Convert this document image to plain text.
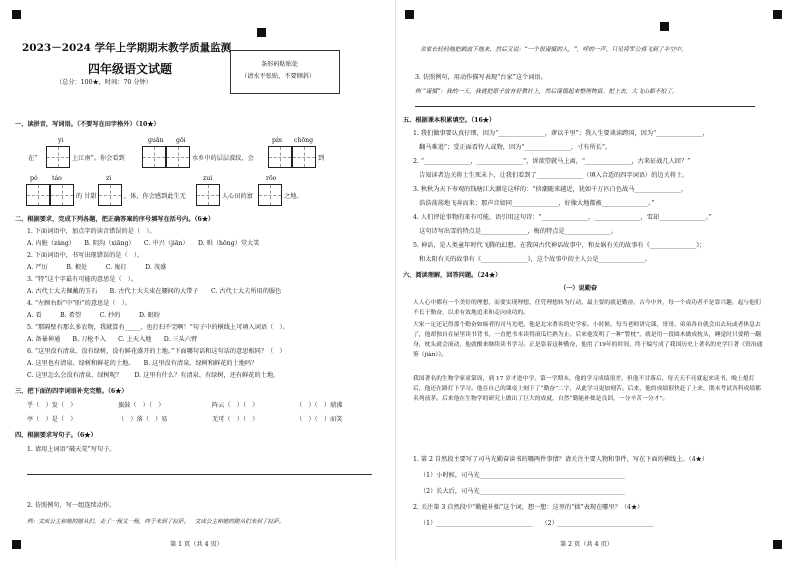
2023－2024 学年上学期期末教学质量监测
四年级语文试题
（总分：100★，时间：70 分钟）
条形码粘贴处
（请水平张贴，不要倾斜）
一、读拼音，写词语。（不要写在田字格外）（10★）
yi	guān gōi	pín chōng
在“	上江南”。你会看到	水乡中的层层波纹，会	到
pó táo	zi	zui	rōo
的 甘甜	，体，你会感到此生无	人心田的富	之地。
二、根据要求，完成下列各题，把正确答案的序号填写在括号内。（6★）
1. 下面词语中，加点字的读音错误的是（　）。
A. 内脏（zàng）　　B. 阴沟（xiāng）　　C. 中兴（jiān）　　D. 哄（hōng）堂大笑
2. 下面词语中，书写出现错误的是（　）。
A. 严厉　　　B. 根处　　　C. 废打　　　D. 茂盛
3. “特”这个字最有可能的意思是（　）。
A. 古代士大夫佩戴的玉石　　B. 古代士大夫束在腰间的大带子　　C. 古代士大夫所用的服色
4. “左顾右盼”中“盼”的意思是（　）。
A. 看　　　B. 希望　　　C. 抄的　　　D. 眼盼
5. “那隔壁有那么多农物，我就算有_____，也打扫不完啊！”句子中的横线上可填入词语（　）。
A. 备暴神通　　B. 刀枪不入　　C. 上天入地　　D. 三头六臂
6. “这里没有清泉，没有绿树，没有鲜花盛开的土地。”下面哪句话和这句话的意思相同？（　）
A. 这里也有清泉、绿树和鲜花的土地。　　B. 这里没有清泉、绿树和鲜花的土地吗？
C. 这里怎么会没有清泉、绿树呢？　　D. 这里有什么？有清泉、有绿树，还有鲜花的土地。
三、把下面的四字词语补充完整。（6★）
乎（　）发（　）	旗鼓（　）（　）	阵云（　）（　）	（　）（　）鼎沸
亭（　）是（　）	（　）落（　）易	无可（　）（　）	（　）（　）而笑
四、根据要求写句子。（6★）
1. 请用上词语“破天荒”写句子。
2. 仿照例句，写一组连续动作。
例：文成公主和她的随从们，走了一程又一程，终于来到了拉萨。　文成公主和她的随从们来到了拉萨。
第 1 页（共 4 页）
余家长轻轻地把鹤放下地来，然后又说：“一个很谨慎的人，”，呼的一声，只见将军公鸡飞到了半空中。
3. 仿照例句，用动作描写表现“台家”这个词语。
例 “谨慎”：我的一天，我就把原子放有好教针上，然后谨慎起来整理物资。把上去，大飞山都不怕了。
五、根据课本积累填空。（16★）
1. 我们做事要认真仔细，因为“_______________，谬以千里”；我人生要谈读跨国，因为“_______________，
　翻马难追”；受正面看待人或物，因为“_______________，寸有所长”。
2. “_______________，_______________”，诉欲望就马上离，“_______________，古来征战几人回？”
　告知读者边关将士生死未卜，让我们看到了_______________（填入合适的四字词语）的边关将士。
3. 秋秋为天下寿观的钱塘江大潮是这样的：“侦潮随来越近，犹如千万匹白色战马_______________，
　浩浩荡荡地飞奔而来；那声音如同_______________，好像大地都被_______________。”
4. 人们评论事物的来有可能，语引用这句诗：“_______________，_______________，雪却_______________。”
　这句诗写出雪的特点是_______________，梅的特点是_______________。
5. 神话，是人类童年时代飞腾的幻想。在我国古代神话故事中，和女娲有关的故事有《_______________》；
　和太阳有关的故事有《_______________》，这个故事中的主人公是_______________。
六、阅读理解，回答问题。（24★）
（一）说勤奋
人人心中都有一个美好的理想，而要实现理想，任凭理想转为行动，最主要的就是勤奋，古今中外，每一个成功者不是靠兴趣，起与他们不长于勤奋，以求有效地追求和走向成功的。
大家一定还记得那个勤奋如痴者的司马光吧。他是北宋著名的史学家。小时候，每当老师讲完课，哥哥、弟弟各自就会出去玩或者休息去了，他却独自在屋里读书背书，一直把书本读得滚瓜烂熟为止。后来他发明了一种“警枕”，就是用一段圆木做成枕头，睡觉时只要稍一翻身，枕头就会滚动，他就醒来继续读书学习。正是靠着这种勤奋，他用了19年的时间，终于编写成了我国历史上著名的史学巨著《资治通鉴（jiàn）》。
我国著名的生物学家童第周，到 17 岁才进中学。第一学期末，他的学习成绩很差，但他不甘落后，每天天不亮就起来读书，晚上熄灯后，他还在路灯下学习。他在自己的课桌上刻下了“勤奋”二字，从此学习更加刻苦。后来，他的成绩很快赶了上来，期末考试各科成绩都名列前茅。后来他在生物学的研究上做出了巨大的成就，自然“勤能补拙是良训，一分辛苦一分才”。
1. 第 2 自然段主要写了司马光勤奋读书的哪两件事情？请关注主要人物和事件，写在下面的横线上。（4★）
（1）小时候，司马光_______________________________________________
（2）长大后，司马光_______________________________________________
2. 关注第 3 自然段中“勤能补拙”这个词，想一想：这里的“拙”表现在哪里？（4★）
（1）_______________________________　　（2）_______________________________
第 2 页（共 4 页）
